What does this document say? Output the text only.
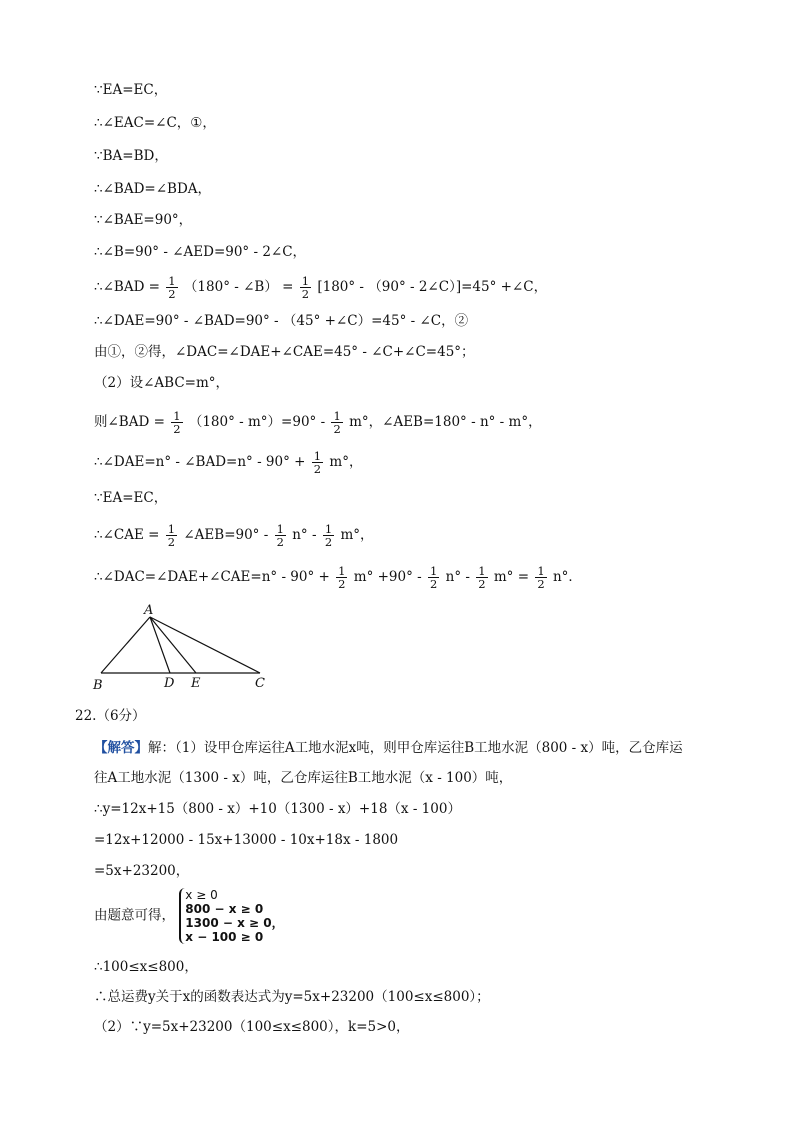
∵EA=EC，
∴∠EAC=∠C，①，
∵BA=BD，
∴∠BAD=∠BDA，
∵∠BAE=90°，
∴∠B=90° - ∠AED=90° - 2∠C，
∴∠BAD = $\frac{1}{2} (180^\circ$ - ∠B） = $\frac{1}{2} [180^\circ - (90^\circ$ - 2∠C）]=45° +∠C，
∴∠DAE=90° - ∠BAD=90° - （45° +∠C）=45° - ∠C，②
由①，②得，∠DAC=∠DAE+∠CAE=45° - ∠C+∠C=45°；
（2）设∠ABC=m°，
则∠BAD = $\frac{1}{2} (180^\circ - m^\circ)=90^\circ - \frac{1}{2} m^\circ$，∠AEB=180° - n° - m°，
∴∠DAE=n° - ∠BAD=n° - $90^\circ + \frac{1}{2} m^\circ$，
∵EA=EC，
∴∠CAE = $\frac{1}{2}$ ∠AEB=90° - $\frac{1}{2} n^\circ - \frac{1}{2} m^\circ$，
∴∠DAC=∠DAE+∠CAE=n° - $90^\circ + \frac{1}{2} m^\circ +90^\circ - \frac{1}{2} n^\circ - \frac{1}{2} m^\circ = \frac{1}{2} n^\circ$．
A
B	D E	C
22.（6分）
【解答】解：（1）设甲仓库运往A工地水泥x吨，则甲仓库运往B工地水泥（800 - x）吨，乙仓库运
往A工地水泥（1300 - x）吨，乙仓库运往B工地水泥（x - 100）吨，
∴y=12x+15（800 - x）+10（1300 - x）+18（x - 100）
=12x+12000 - 15x+13000 - 10x+18x - 1800
=5x+23200，
由题意可得，
x ≥ 0
800 − x ≥ 0
1300 − x ≥ 0，
x − 100 ≥ 0
∴100≤x≤800，
∴总运费y关于x的函数表达式为y=5x+23200（100≤x≤800）；
（2）∵y=5x+23200（100≤x≤800），k=5>0，
